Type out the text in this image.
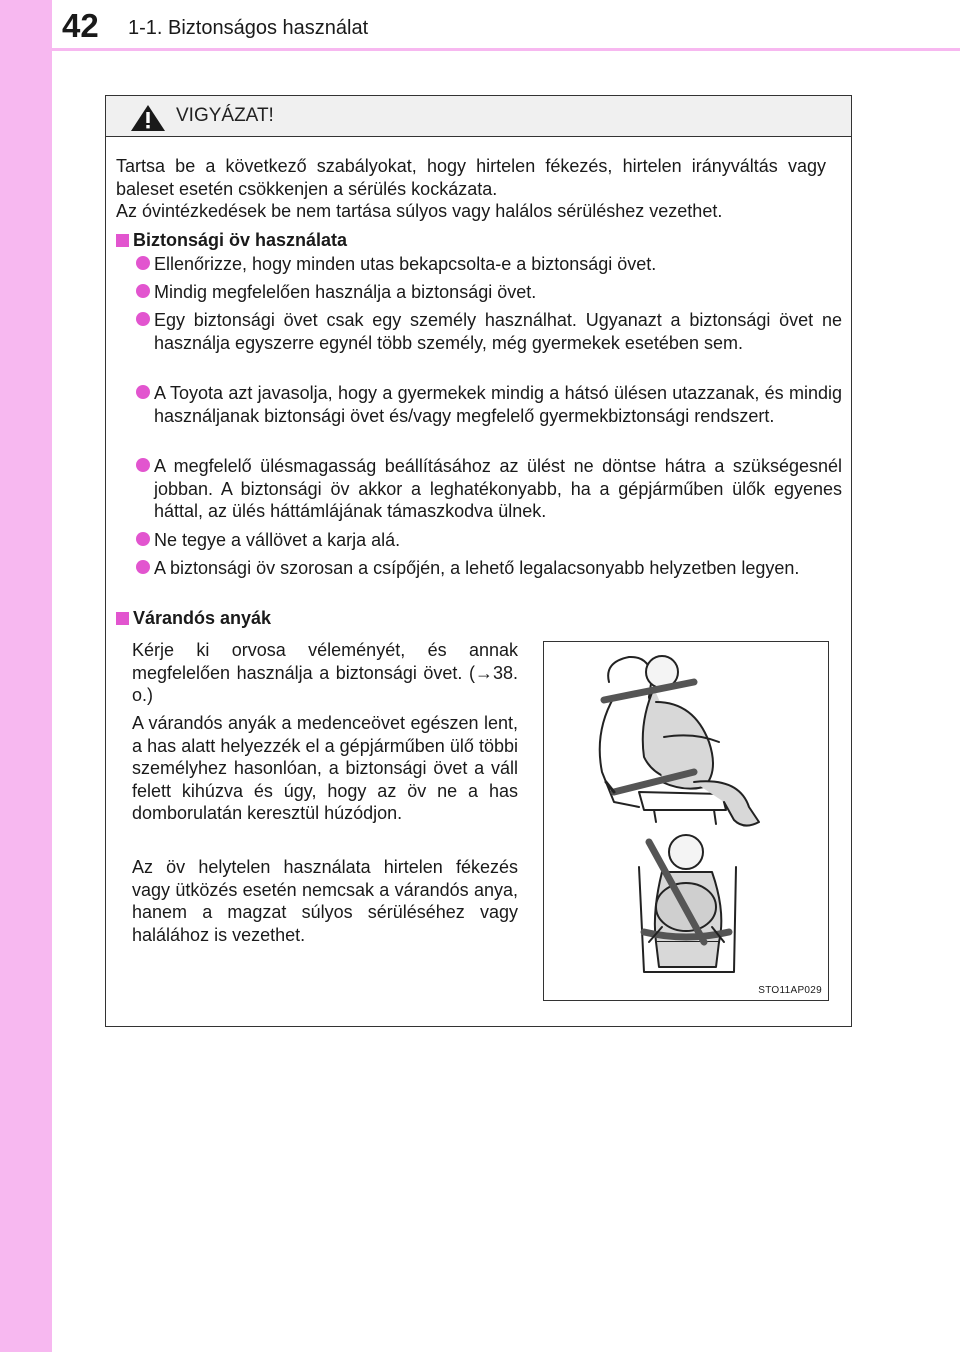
42 1-1. Biztonságos használat
VIGYÁZAT!

Tartsa be a következő szabályokat, hogy hirtelen fékezés, hirtelen irányváltás vagy baleset esetén csökkenjen a sérülés kockázata.

Az óvintézkedések be nem tartása súlyos vagy halálos sérüléshez vezethet.

Biztonsági öv használata

Ellenőrizze, hogy minden utas bekapcsolta-e a biztonsági övet.

Mindig megfelelően használja a biztonsági övet.

Egy biztonsági övet csak egy személy használhat. Ugyanazt a biztonsági övet ne használja egyszerre egynél több személy, még gyermekek esetében sem.

A Toyota azt javasolja, hogy a gyermekek mindig a hátsó ülésen utazzanak, és mindig használjanak biztonsági övet és/vagy megfelelő gyermekbiztonsági rendszert.

A megfelelő ülésmagasság beállításához az ülést ne döntse hátra a szükségesnél jobban. A biztonsági öv akkor a leghatékonyabb, ha a gépjárműben ülők egyenes háttal, az ülés háttámlájának támaszkodva ülnek.

Ne tegye a vállövet a karja alá.

A biztonsági öv szorosan a csípőjén, a lehető legalacsonyabb helyzetben legyen.

Várandós anyák

Kérje ki orvosa véleményét, és annak megfelelően használja a biztonsági övet. (→38. o.)

A várandós anyák a medenceövet egészen lent, a has alatt helyezzék el a gépjárműben ülő többi személyhez hasonlóan, a biztonsági övet a váll felett kihúzva és úgy, hogy az öv ne a has domborulatán keresztül húzódjon.

Az öv helytelen használata hirtelen fékezés vagy ütközés esetén nemcsak a várandós anya, hanem a magzat súlyos sérüléséhez vagy halálához is vezethet.

STO11AP029
